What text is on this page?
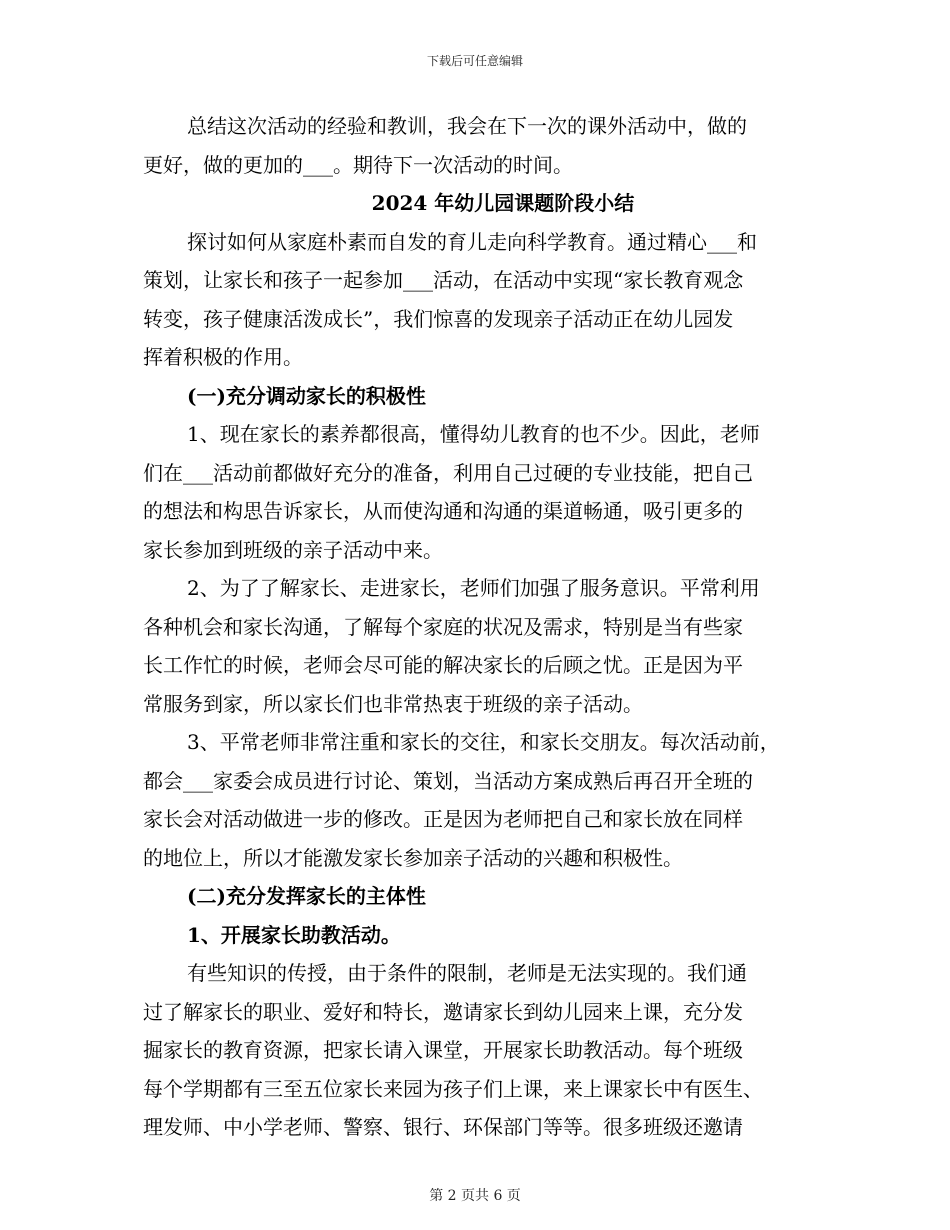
下载后可任意编辑
总结这次活动的经验和教训，我会在下一次的课外活动中，做的
更好，做的更加的___。期待下一次活动的时间。
2024 年幼儿园课题阶段小结
探讨如何从家庭朴素而自发的育儿走向科学教育。通过精心___和
策划，让家长和孩子一起参加___活动，在活动中实现“家长教育观念
转变，孩子健康活泼成长”，我们惊喜的发现亲子活动正在幼儿园发
挥着积极的作用。
(一)充分调动家长的积极性
1、现在家长的素养都很高，懂得幼儿教育的也不少。因此，老师
们在___活动前都做好充分的准备，利用自己过硬的专业技能，把自己
的想法和构思告诉家长，从而使沟通和沟通的渠道畅通，吸引更多的
家长参加到班级的亲子活动中来。
2、为了了解家长、走进家长，老师们加强了服务意识。平常利用
各种机会和家长沟通，了解每个家庭的状况及需求，特别是当有些家
长工作忙的时候，老师会尽可能的解决家长的后顾之忧。正是因为平
常服务到家，所以家长们也非常热衷于班级的亲子活动。
3、平常老师非常注重和家长的交往，和家长交朋友。每次活动前，
都会___家委会成员进行讨论、策划，当活动方案成熟后再召开全班的
家长会对活动做进一步的修改。正是因为老师把自己和家长放在同样
的地位上，所以才能激发家长参加亲子活动的兴趣和积极性。
(二)充分发挥家长的主体性
1、开展家长助教活动。
有些知识的传授，由于条件的限制，老师是无法实现的。我们通
过了解家长的职业、爱好和特长，邀请家长到幼儿园来上课，充分发
掘家长的教育资源，把家长请入课堂，开展家长助教活动。每个班级
每个学期都有三至五位家长来园为孩子们上课，来上课家长中有医生、
理发师、中小学老师、警察、银行、环保部门等等。很多班级还邀请
第 2 页共 6 页
